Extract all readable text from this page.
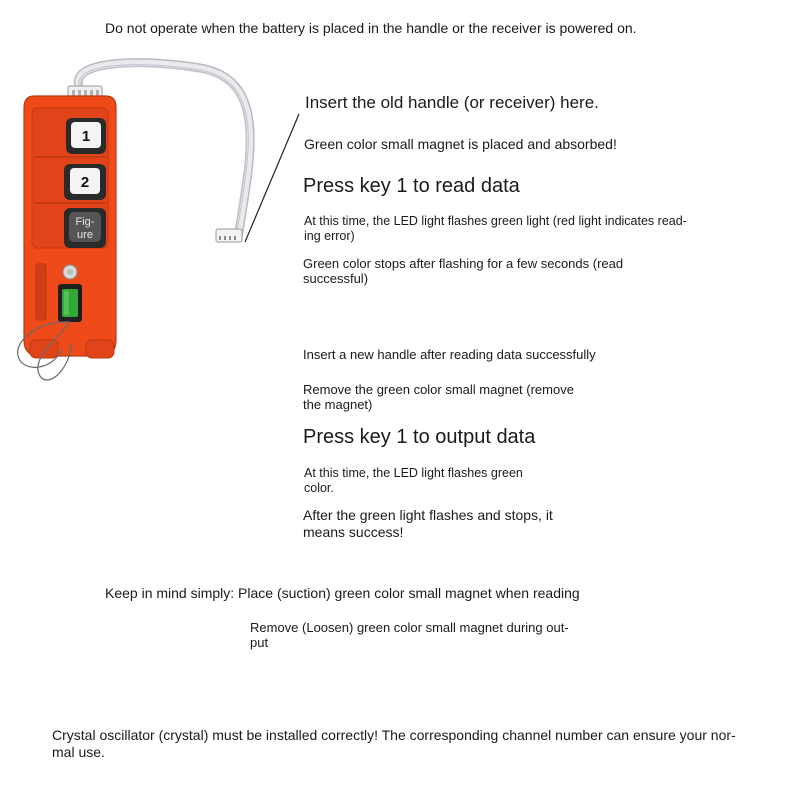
Do not operate when the battery is placed in the handle or the receiver is powered on.

1
2
Fig-
ure

Insert the old handle (or receiver) here.

Green color small magnet is placed and absorbed!

Press key 1 to read data

At this time, the LED light flashes green light (red light indicates read-
ing error)

Green color stops after flashing for a few seconds (read
successful)

Insert a new handle after reading data successfully

Remove the green color small magnet (remove
the magnet)

Press key 1 to output data

At this time, the LED light flashes green
color.

After the green light flashes and stops, it
means success!

Keep in mind simply: Place (suction) green color small magnet when reading

Remove (Loosen) green color small magnet during out-
put

Crystal oscillator (crystal) must be installed correctly! The corresponding channel number can ensure your nor-
mal use.
